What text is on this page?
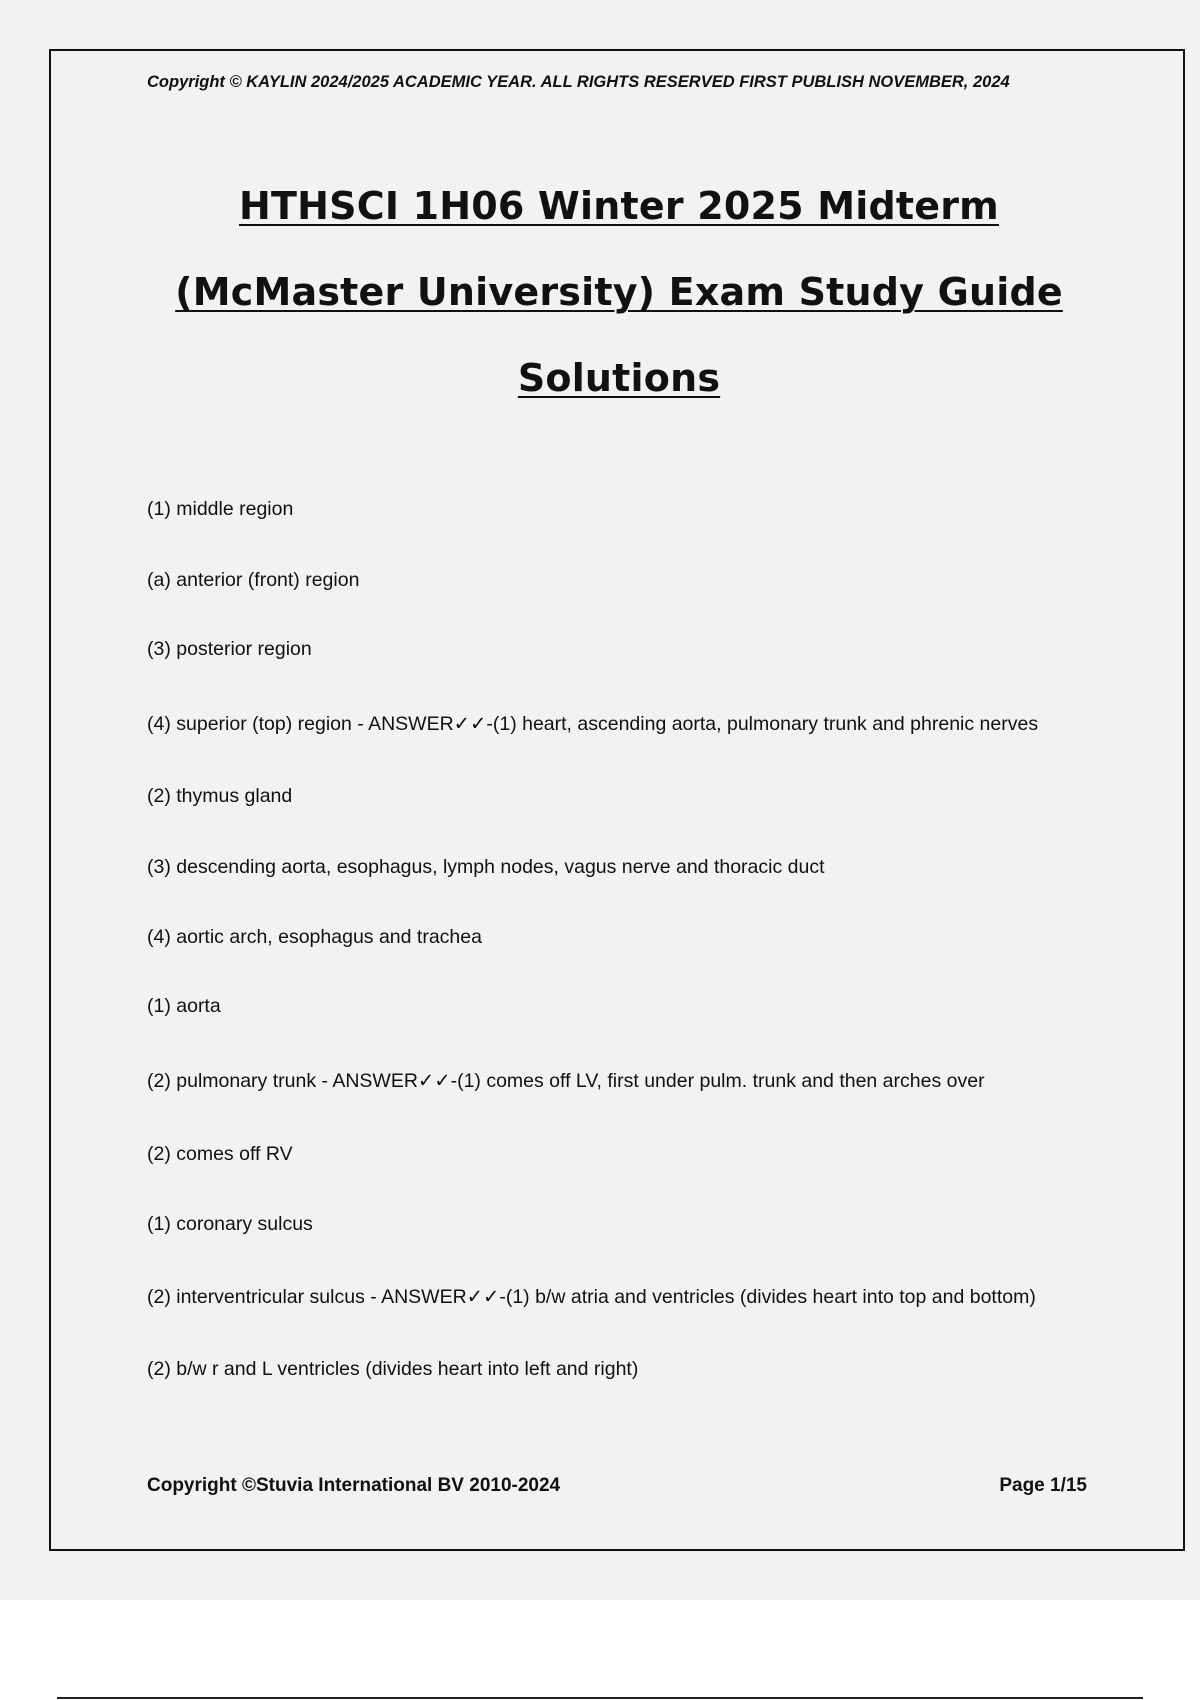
Copyright © KAYLIN 2024/2025 ACADEMIC YEAR. ALL RIGHTS RESERVED FIRST PUBLISH NOVEMBER, 2024
HTHSCI 1H06 Winter 2025 Midterm
(McMaster University) Exam Study Guide
Solutions
(1) middle region
(a) anterior (front) region
(3) posterior region
(4) superior (top) region - ANSWER✓✓-(1) heart, ascending aorta, pulmonary trunk and phrenic nerves
(2) thymus gland
(3) descending aorta, esophagus, lymph nodes, vagus nerve and thoracic duct
(4) aortic arch, esophagus and trachea
(1) aorta
(2) pulmonary trunk - ANSWER✓✓-(1) comes off LV, first under pulm. trunk and then arches over
(2) comes off RV
(1) coronary sulcus
(2) interventricular sulcus - ANSWER✓✓-(1) b/w atria and ventricles (divides heart into top and bottom)
(2) b/w r and L ventricles (divides heart into left and right)
Copyright ©Stuvia International BV 2010-2024	Page 1/15
